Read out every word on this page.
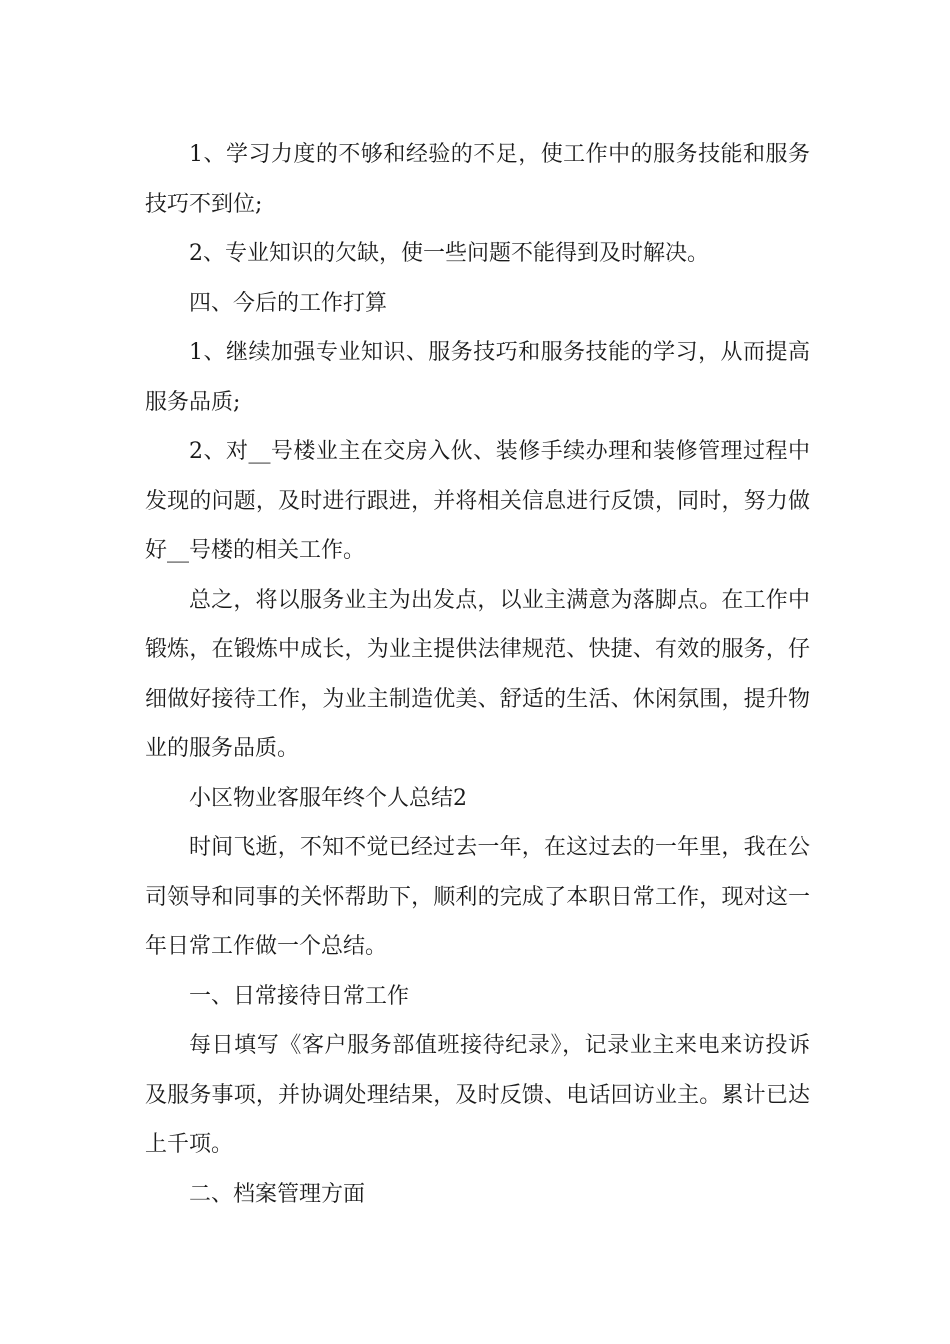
1、学习力度的不够和经验的不足，使工作中的服务技能和服务技巧不到位;

2、专业知识的欠缺，使一些问题不能得到及时解决。

四、今后的工作打算

1、继续加强专业知识、服务技巧和服务技能的学习，从而提高服务品质;

2、对__号楼业主在交房入伙、装修手续办理和装修管理过程中发现的问题，及时进行跟进，并将相关信息进行反馈，同时，努力做好__号楼的相关工作。

总之，将以服务业主为出发点，以业主满意为落脚点。在工作中锻炼，在锻炼中成长，为业主提供法律规范、快捷、有效的服务，仔细做好接待工作，为业主制造优美、舒适的生活、休闲氛围，提升物业的服务品质。

小区物业客服年终个人总结2

时间飞逝，不知不觉已经过去一年，在这过去的一年里，我在公司领导和同事的关怀帮助下，顺利的完成了本职日常工作，现对这一年日常工作做一个总结。

一、日常接待日常工作

每日填写《客户服务部值班接待纪录》，记录业主来电来访投诉及服务事项，并协调处理结果，及时反馈、电话回访业主。累计已达上千项。

二、档案管理方面
